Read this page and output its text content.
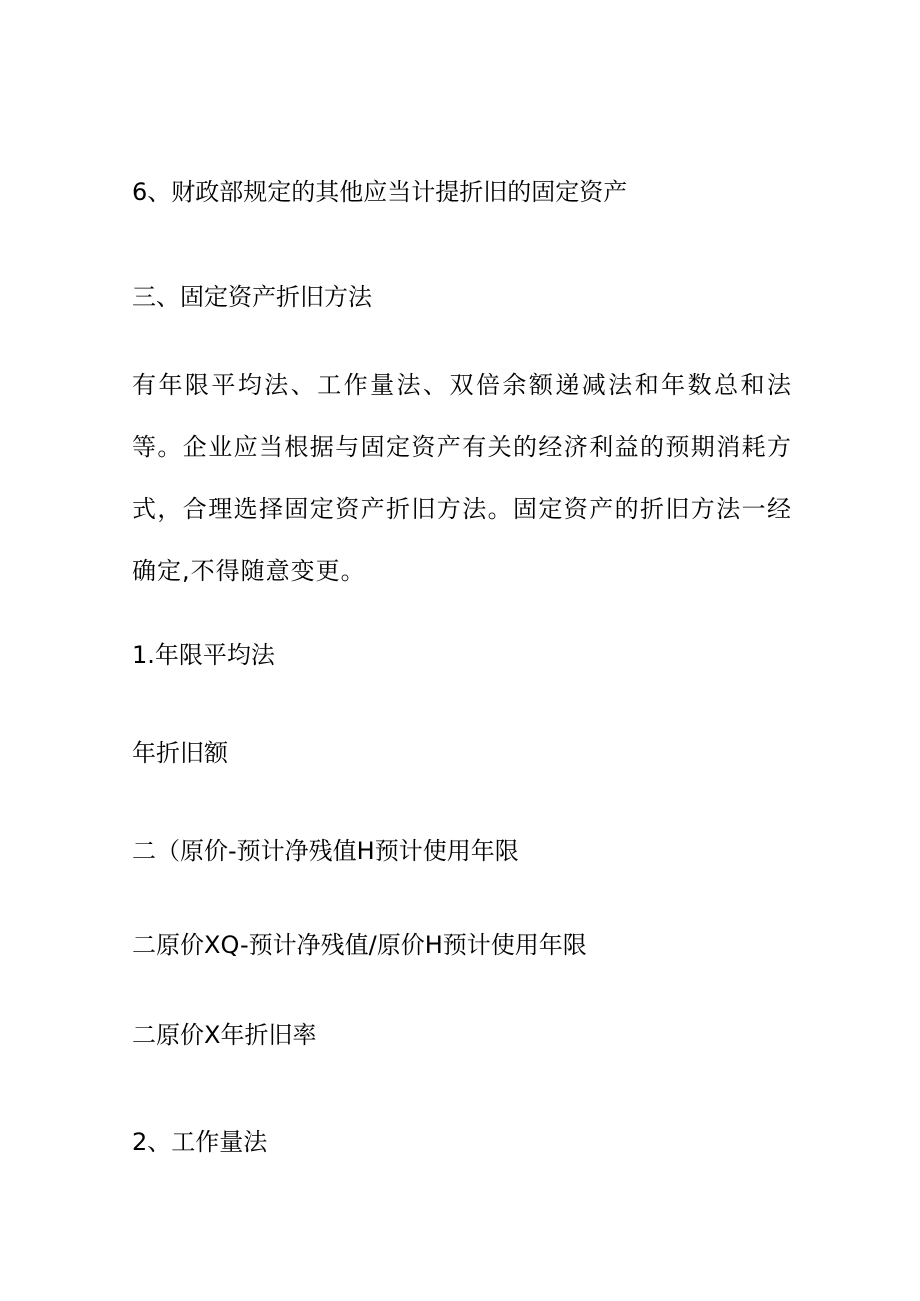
6、财政部规定的其他应当计提折旧的固定资产
三、固定资产折旧方法
有年限平均法、工作量法、双倍余额递减法和年数总和法等。企业应当根据与固定资产有关的经济利益的预期消耗方式，合理选择固定资产折旧方法。固定资产的折旧方法一经确定,不得随意变更。
1.年限平均法
年折旧额
二（原价-预计净残值H预计使用年限
二原价XQ-预计净残值/原价H预计使用年限
二原价X年折旧率
2、工作量法
